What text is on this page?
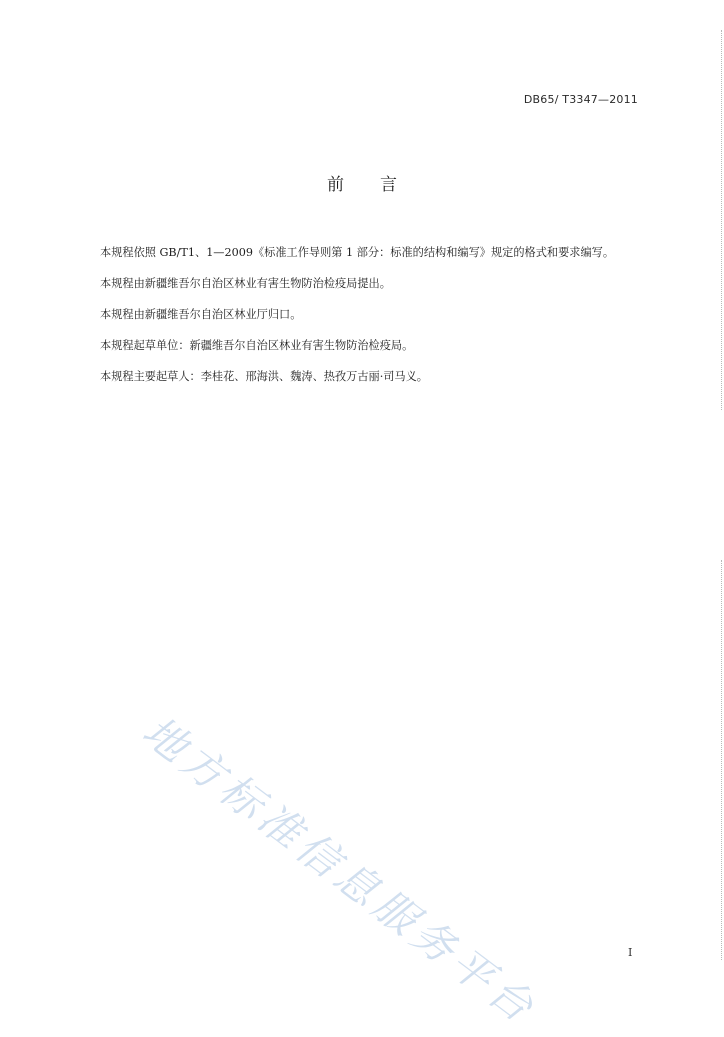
DB65/ T3347—2011
前言

本规程依照 GB/T1、1—2009《标准工作导则第 1 部分：标准的结构和编写》规定的格式和要求编写。

本规程由新疆维吾尔自治区林业有害生物防治检疫局提出。

本规程由新疆维吾尔自治区林业厅归口。

本规程起草单位：新疆维吾尔自治区林业有害生物防治检疫局。

本规程主要起草人：李桂花、邢海洪、魏涛、热孜万古丽·司马义。

地方标准信息服务平台	I
